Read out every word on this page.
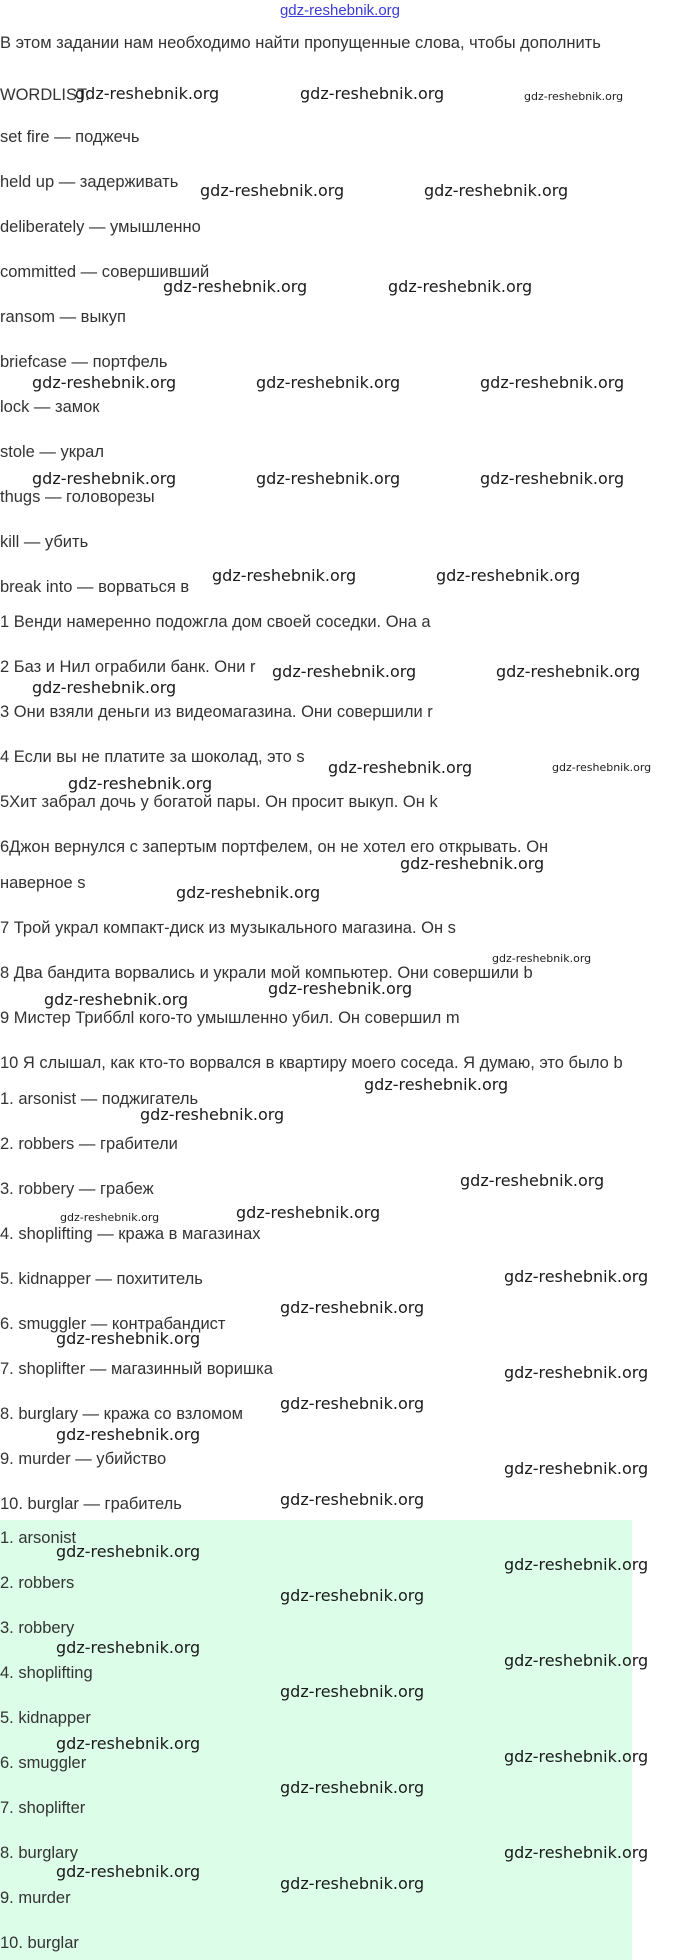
gdz-reshebnik.org
В этом задании нам необходимо найти пропущенные слова, чтобы дополнить
WORDLIST:
set fire — поджечь
held up — задерживать
deliberately — умышленно
committed — совершивший
ransom — выкуп
briefcase — портфель
lock — замок
stole — украл
thugs — головорезы
kill — убить
break into — ворваться в
1 Венди намеренно подожгла дом своей соседки. Она а
2 Баз и Нил ограбили банк. Они r
3 Они взяли деньги из видеомагазина. Они совершили r
4 Если вы не платите за шоколад, это s
5Хит забрал дочь у богатой пары. Он просит выкуп. Он k
6Джон вернулся с запертым портфелем, он не хотел его открывать. Он
наверное s
7 Трой украл компакт-диск из музыкального магазина. Он s
8 Два бандита ворвались и украли мой компьютер. Они совершили b
9 Мистер Трибблl кого-то умышленно убил. Он совершил m
10 Я слышал, как кто-то ворвался в квартиру моего соседа. Я думаю, это было b
1. arsonist — поджигатель
2. robbers — грабители
3. robbery — грабеж
4. shoplifting — кража в магазинах
5. kidnapper — похититель
6. smuggler — контрабандист
7. shoplifter — магазинный воришка
8. burglary — кража со взломом
9. murder — убийство
10. burglar — грабитель
1. arsonist
2. robbers
3. robbery
4. shoplifting
5. kidnapper
6. smuggler
7. shoplifter
8. burglary
9. murder
10. burglar
gdz-reshebnik.org	gdz-reshebnik.org	gdz-reshebnik.org
gdz-reshebnik.org	gdz-reshebnik.org
gdz-reshebnik.org	gdz-reshebnik.org
gdz-reshebnik.org	gdz-reshebnik.org	gdz-reshebnik.org
gdz-reshebnik.org	gdz-reshebnik.org	gdz-reshebnik.org
gdz-reshebnik.org	gdz-reshebnik.org
gdz-reshebnik.org	gdz-reshebnik.org
gdz-reshebnik.org
gdz-reshebnik.org	gdz-reshebnik.org
gdz-reshebnik.org
gdz-reshebnik.org
gdz-reshebnik.org
gdz-reshebnik.org
gdz-reshebnik.org
gdz-reshebnik.org
gdz-reshebnik.org
gdz-reshebnik.org
gdz-reshebnik.org
gdz-reshebnik.org	gdz-reshebnik.org
gdz-reshebnik.org
gdz-reshebnik.org
gdz-reshebnik.org
gdz-reshebnik.org
gdz-reshebnik.org
gdz-reshebnik.org
gdz-reshebnik.org
gdz-reshebnik.org
gdz-reshebnik.org
gdz-reshebnik.org
gdz-reshebnik.org
gdz-reshebnik.org
gdz-reshebnik.org
gdz-reshebnik.org
gdz-reshebnik.org
gdz-reshebnik.org
gdz-reshebnik.org
gdz-reshebnik.org
gdz-reshebnik.org
gdz-reshebnik.org
